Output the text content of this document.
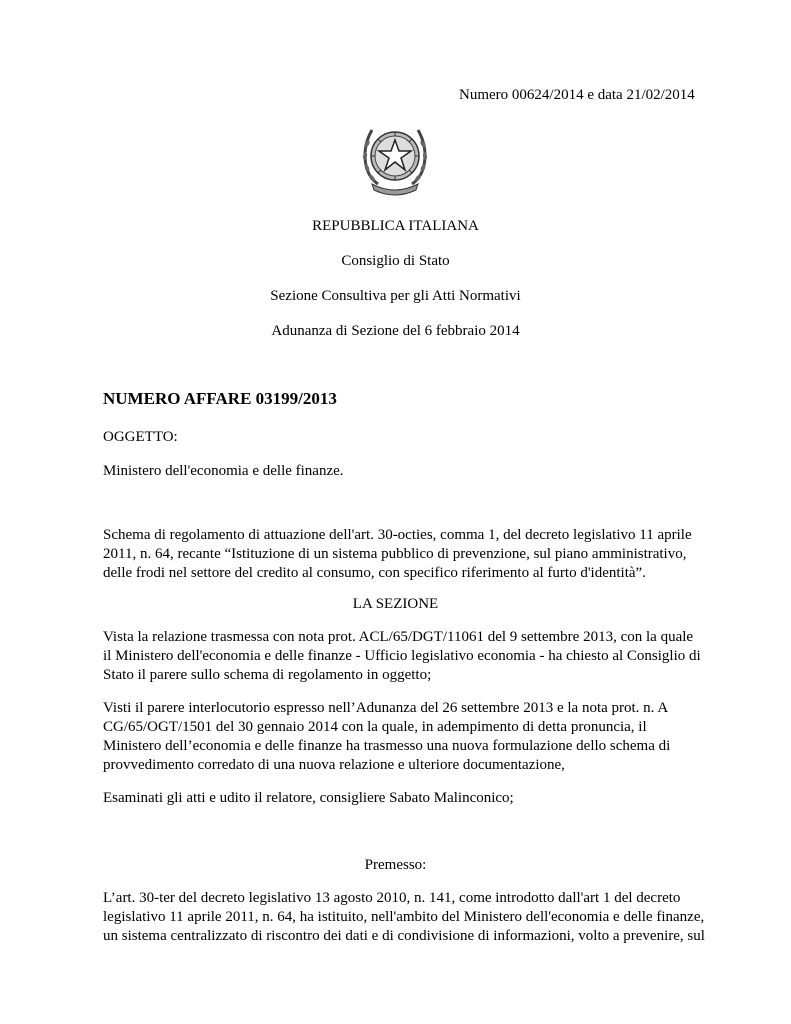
Numero 00624/2014 e data 21/02/2014
REPUBBLICA ITALIANA
Consiglio di Stato
Sezione Consultiva per gli Atti Normativi
Adunanza di Sezione del 6 febbraio 2014
NUMERO AFFARE 03199/2013
OGGETTO:
Ministero dell'economia e delle finanze.
Schema di regolamento di attuazione dell'art. 30-octies, comma 1, del decreto legislativo 11 aprile
2011, n. 64, recante “Istituzione di un sistema pubblico di prevenzione, sul piano amministrativo,
delle frodi nel settore del credito al consumo, con specifico riferimento al furto d'identità”.
LA SEZIONE
Vista la relazione trasmessa con nota prot. ACL/65/DGT/11061 del 9 settembre 2013, con la quale
il Ministero dell'economia e delle finanze - Ufficio legislativo economia - ha chiesto al Consiglio di
Stato il parere sullo schema di regolamento in oggetto;
Visti il parere interlocutorio espresso nell’Adunanza del 26 settembre 2013 e la nota prot. n. A
CG/65/OGT/1501 del 30 gennaio 2014 con la quale, in adempimento di detta pronuncia, il
Ministero dell’economia e delle finanze ha trasmesso una nuova formulazione dello schema di
provvedimento corredato di una nuova relazione e ulteriore documentazione,
Esaminati gli atti e udito il relatore, consigliere Sabato Malinconico;
Premesso:
L’art. 30-ter del decreto legislativo 13 agosto 2010, n. 141, come introdotto dall'art 1 del decreto
legislativo 11 aprile 2011, n. 64, ha istituito, nell'ambito del Ministero dell'economia e delle finanze,
un sistema centralizzato di riscontro dei dati e di condivisione di informazioni, volto a prevenire, sul
